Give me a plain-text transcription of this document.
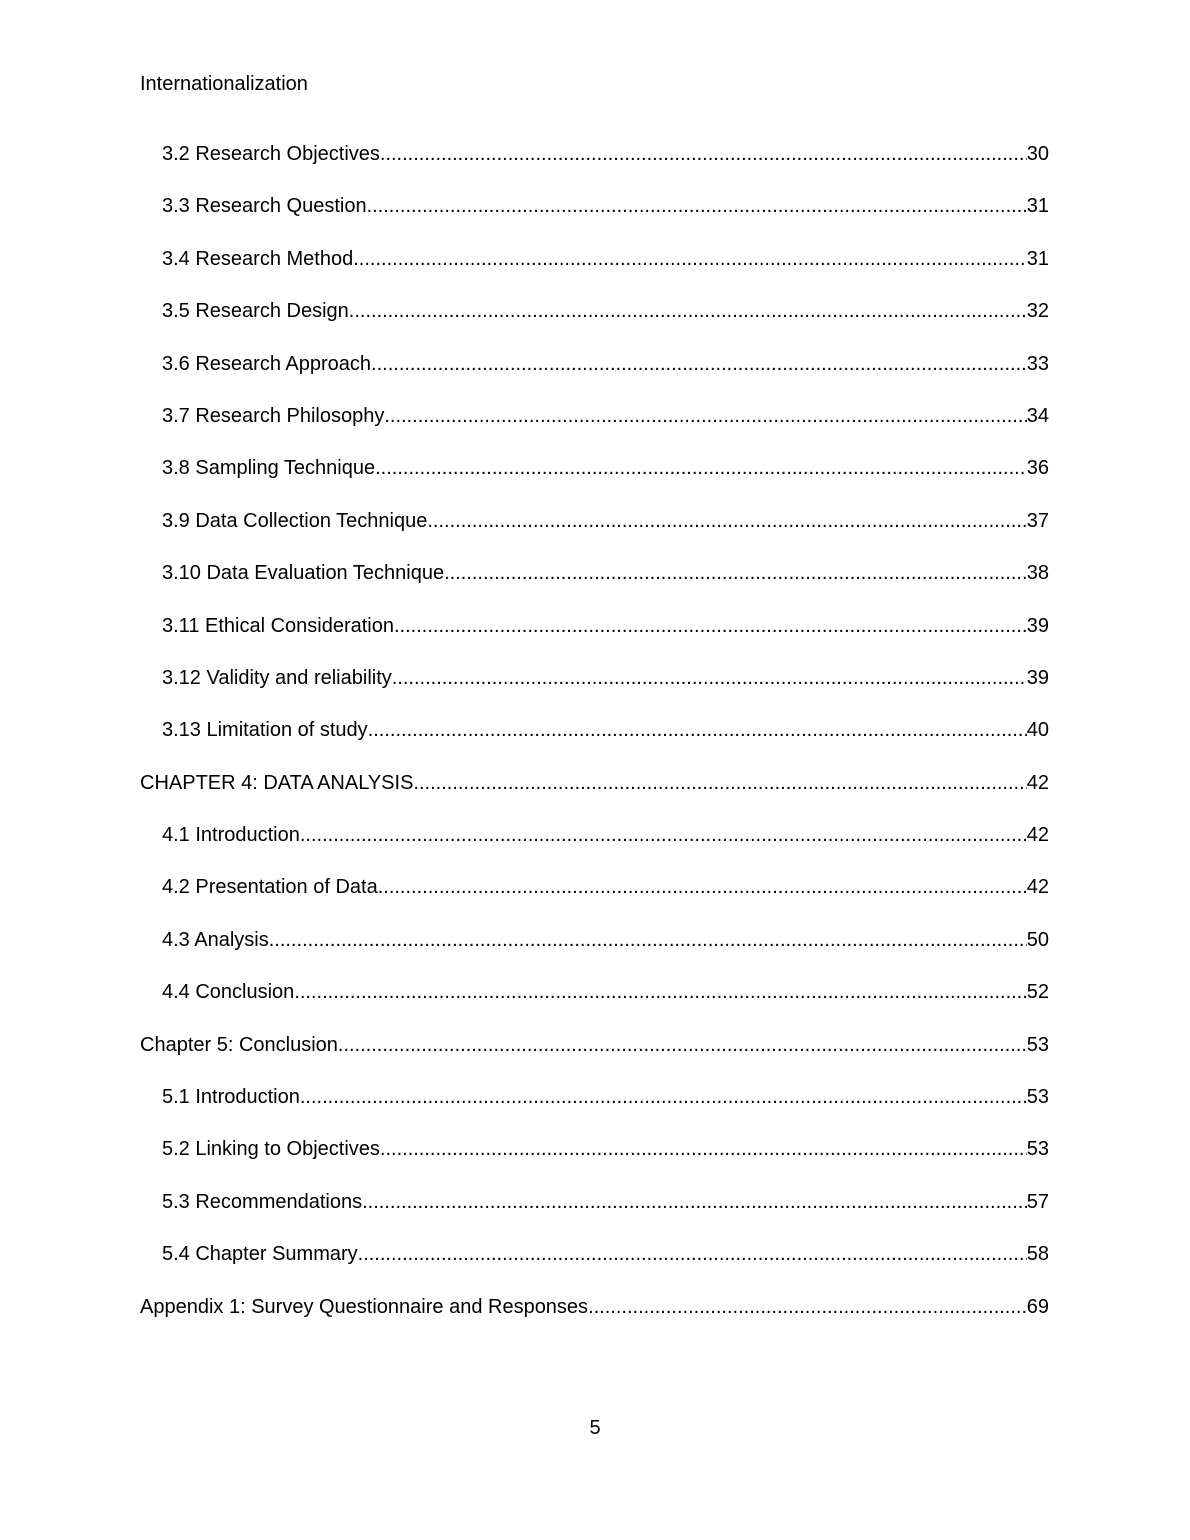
Internationalization
3.2 Research Objectives .....	30
3.3 Research Question .....	31
3.4 Research Method .....	31
3.5 Research Design .....	32
3.6 Research Approach .....	33
3.7 Research Philosophy .....	34
3.8 Sampling Technique .....	36
3.9 Data Collection Technique .....	37
3.10 Data Evaluation Technique .....	38
3.11 Ethical Consideration .....	39
3.12 Validity and reliability .....	39
3.13 Limitation of study .....	40
CHAPTER 4: DATA ANALYSIS .....	42
4.1 Introduction .....	42
4.2 Presentation of Data .....	42
4.3 Analysis .....	50
4.4 Conclusion .....	52
Chapter 5: Conclusion .....	53
5.1 Introduction .....	53
5.2 Linking to Objectives .....	53
5.3 Recommendations .....	57
5.4 Chapter Summary .....	58
Appendix 1: Survey Questionnaire and Responses .....	69
5
